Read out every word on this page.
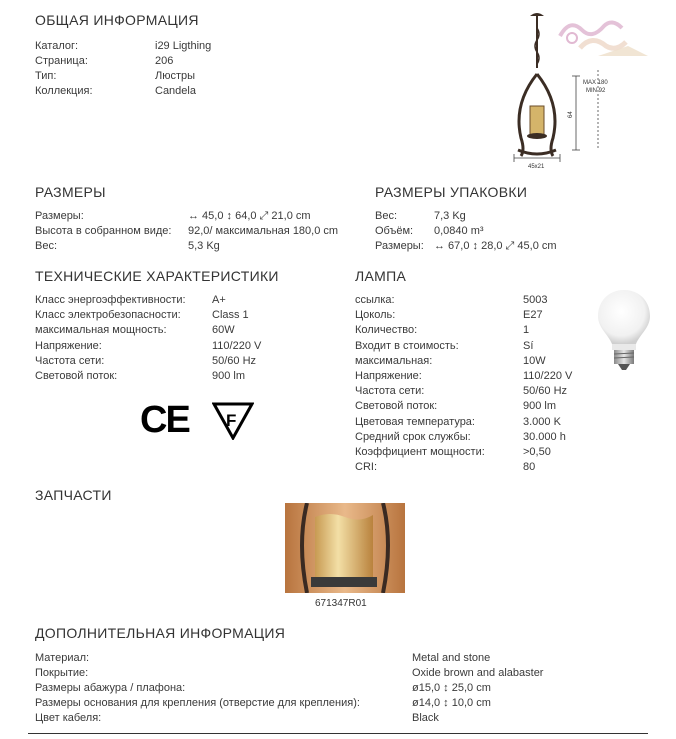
ОБЩАЯ ИНФОРМАЦИЯ
Каталог:	i29 Ligthing
Страница:	206
Тип:	Люстры
Коллекция:	Candela
MAX 180
MIN 92
64
45x21
РАЗМЕРЫ
Размеры:	↔ 45,0 ↕ 64,0 ⤢ 21,0 cm
Высота в собранном виде: 92,0/ максимальная 180,0 cm
Вес:	5,3 Kg
РАЗМЕРЫ УПАКОВКИ
Вес:	7,3 Kg
Объём: 0,0840 m³
Размеры: ↔ 67,0 ↕ 28,0 ⤢ 45,0 cm
ТЕХНИЧЕСКИЕ ХАРАКТЕРИСТИКИ
Класс энергоэффективности: A+
Класс электробезопасности:	Class 1
максимальная мощность:	60W
Напряжение:	110/220 V
Частота сети:	50/60 Hz
Световой поток:	900 lm
CE F
ЛАМПА
ссылка:	5003
Цоколь:	E27
Количество:	1
Входит в стоимость:	Sí
максимальная:	10W
Напряжение:	110/220 V
Частота сети:	50/60 Hz
Световой поток:	900 lm
Цветовая температура:	3.000 K
Средний срок службы:	30.000 h
Коэффициент мощности:	>0,50
CRI:	80
ЗАПЧАСТИ
671347R01
ДОПОЛНИТЕЛЬНАЯ ИНФОРМАЦИЯ
Материал:	Metal and stone
Покрытие:	Oxide brown and alabaster
Размеры абажура / плафона:	ø15,0 ↕ 25,0 cm
Размеры основания для крепления (отверстие для крепления):	ø14,0 ↕ 10,0 cm
Цвет кабеля:	Black
